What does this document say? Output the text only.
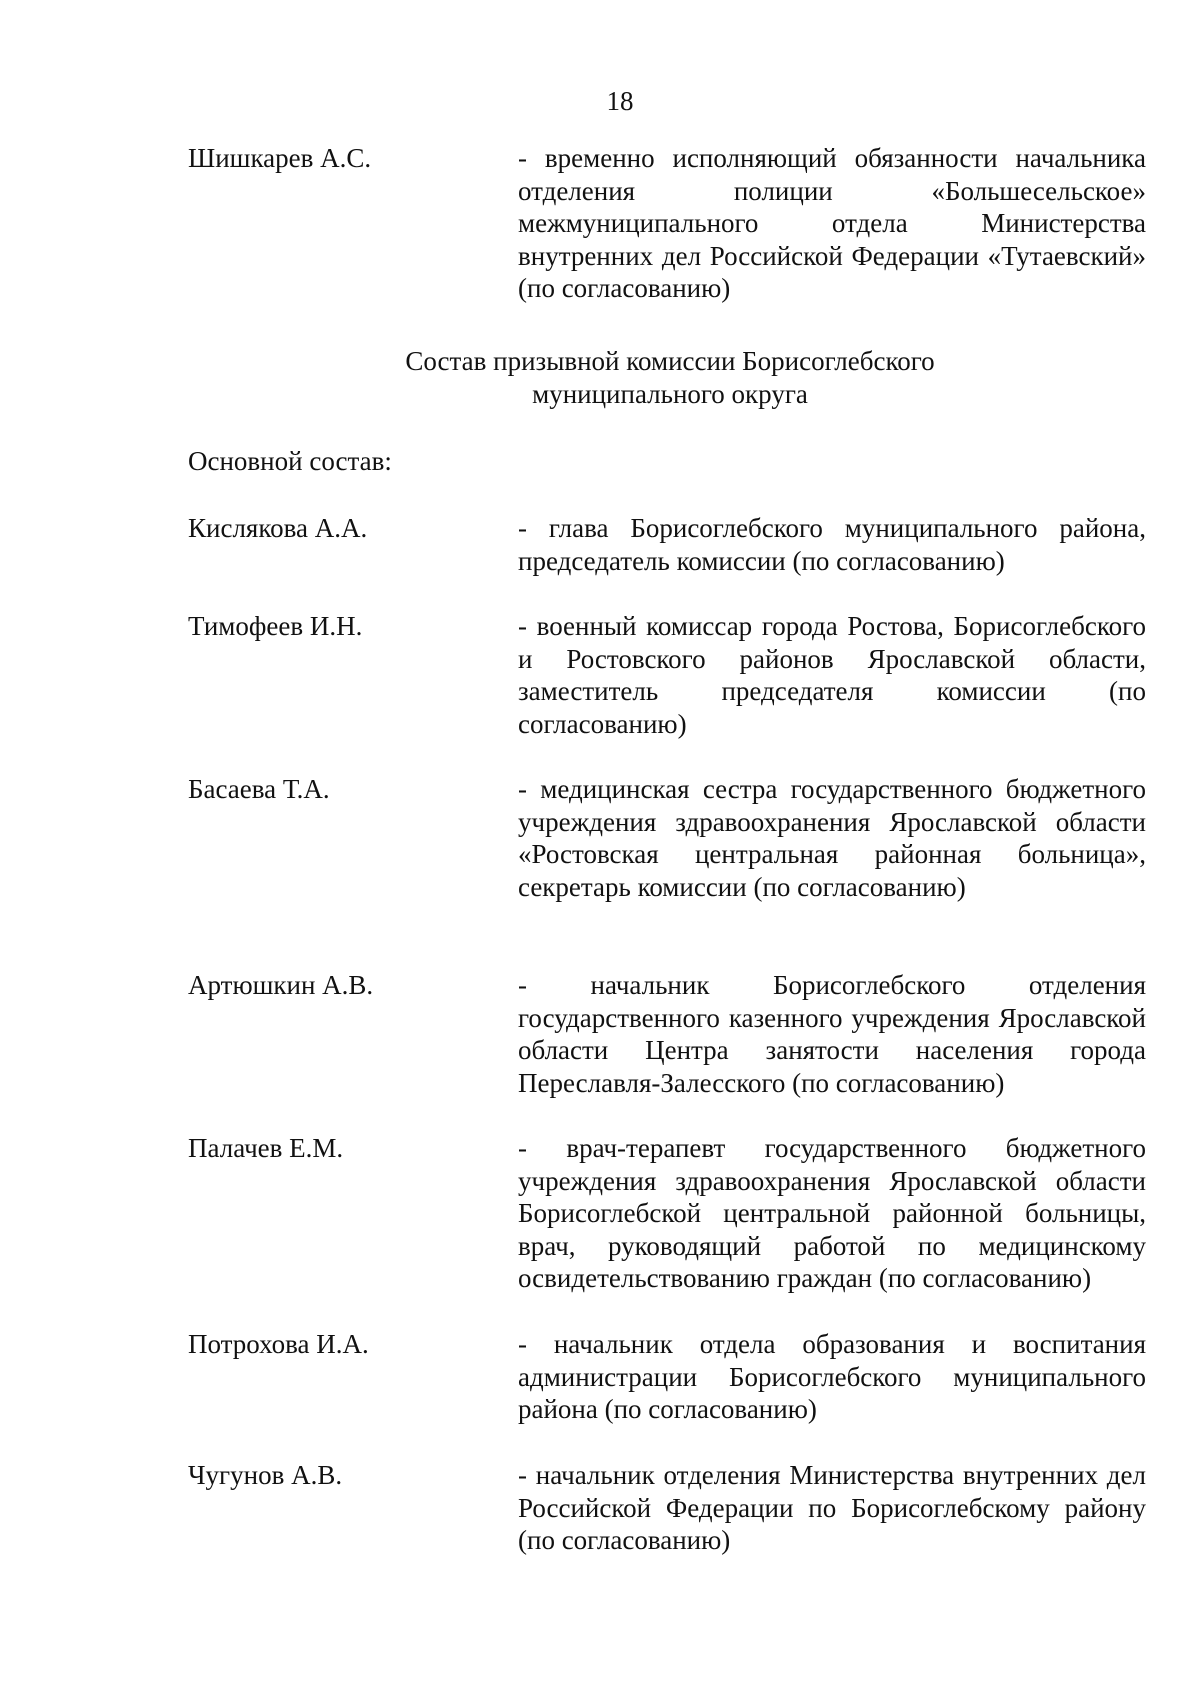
18
Шишкарев А.С.	- временно исполняющий обязанности начальника отделения полиции «Большесельское» межмуниципального отдела Министерства внутренних дел Российской Федерации «Тутаевский» (по согласованию)
Состав призывной комиссии Борисоглебского
муниципального округа
Основной состав:
Кислякова А.А.	- глава Борисоглебского муниципального района, председатель комиссии (по согласованию)
Тимофеев И.Н.	- военный комиссар города Ростова, Борисоглебского и Ростовского районов Ярославской области, заместитель председателя комиссии (по согласованию)
Басаева Т.А.	- медицинская сестра государственного бюджетного учреждения здравоохранения Ярославской области «Ростовская центральная районная больница», секретарь комиссии (по согласованию)
Артюшкин А.В.	- начальник Борисоглебского отделения государственного казенного учреждения Ярославской области Центра занятости населения города Переславля-Залесского (по согласованию)
Палачев Е.М.	- врач-терапевт государственного бюджетного учреждения здравоохранения Ярославской области Борисоглебской центральной районной больницы, врач, руководящий работой по медицинскому освидетельствованию граждан (по согласованию)
Потрохова И.А.	- начальник отдела образования и воспитания администрации Борисоглебского муниципального района (по согласованию)
Чугунов А.В.	- начальник отделения Министерства внутренних дел Российской Федерации по Борисоглебскому району (по согласованию)
